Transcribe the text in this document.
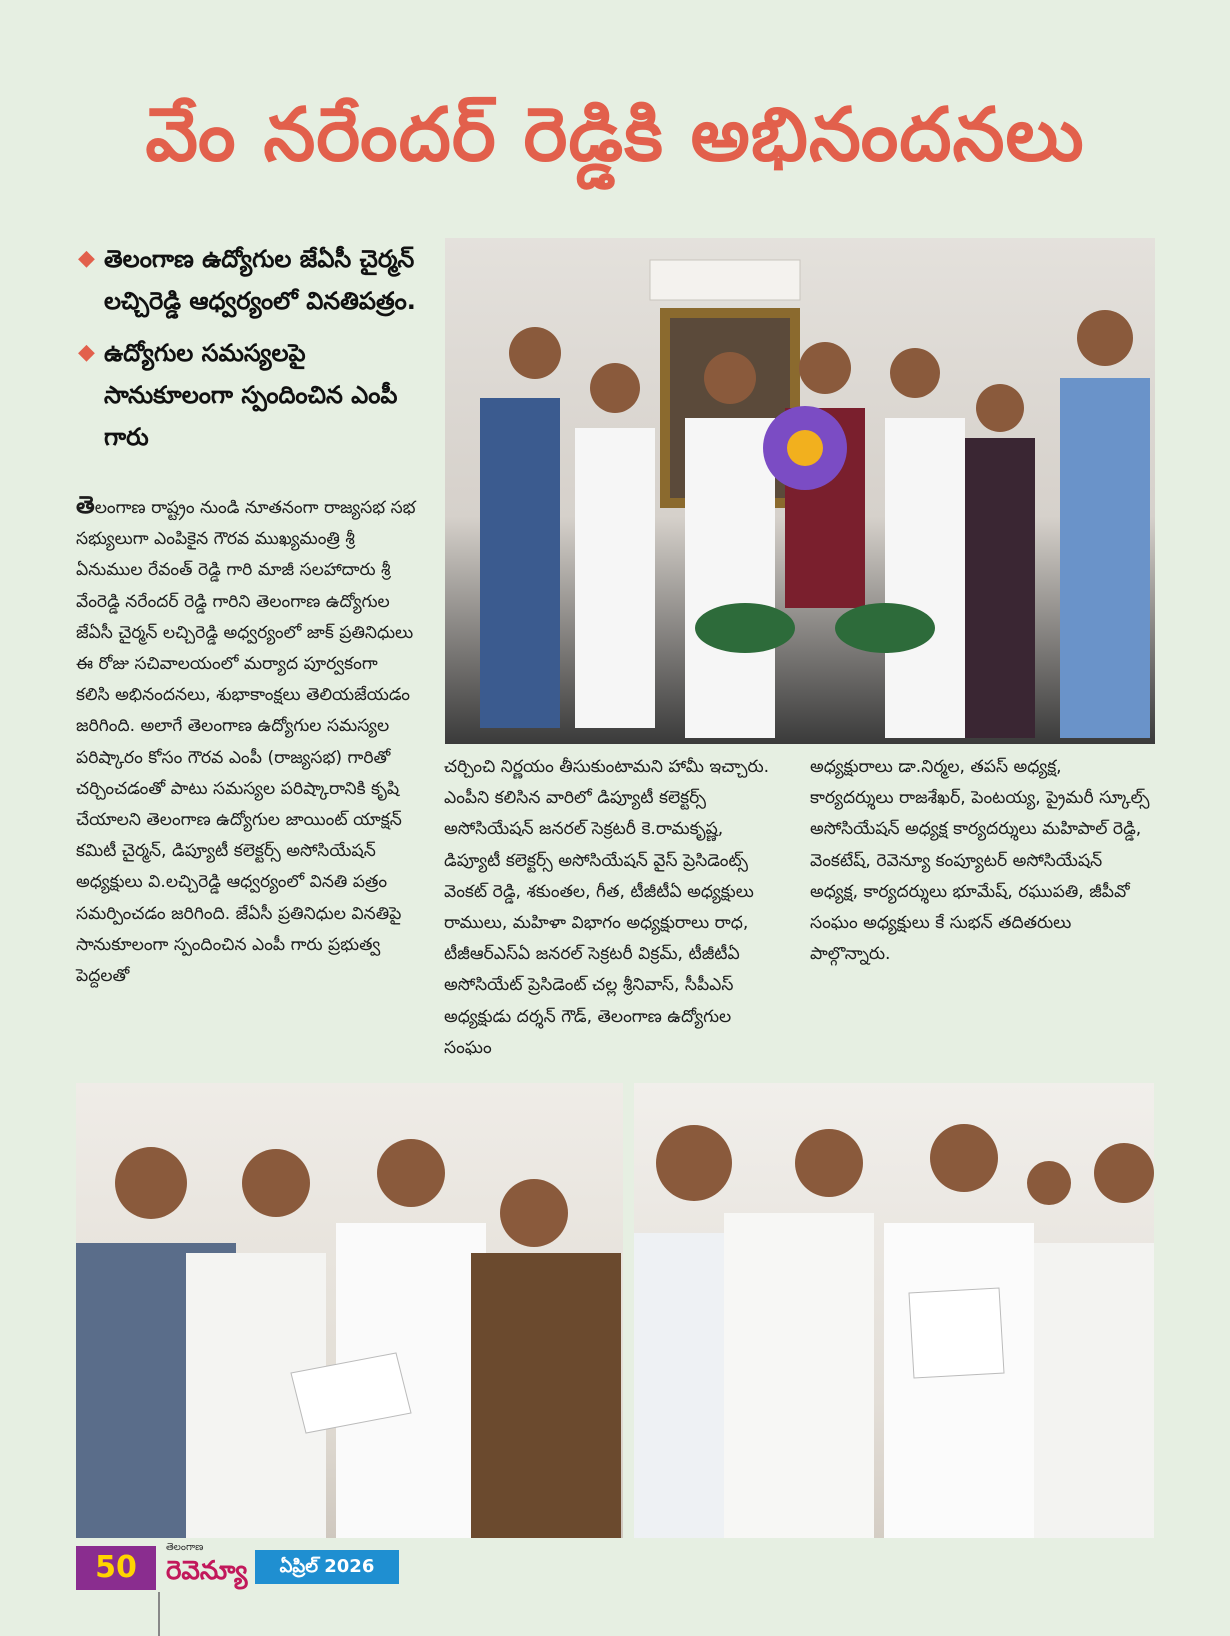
వేం నరేందర్ రెడ్డికి అభినందనలు
◆ తెలంగాణ ఉద్యోగుల జేఏసీ చైర్మన్ లచ్చిరెడ్డి ఆధ్వర్యంలో వినతిపత్రం.
◆ ఉద్యోగుల సమస్యలపై సానుకూలంగా స్పందించిన ఎంపీ గారు
తెలంగాణ రాష్ట్రం నుండి నూతనంగా రాజ్యసభ సభ సభ్యులుగా ఎంపికైన గౌరవ ముఖ్యమంత్రి శ్రీ ఏనుముల రేవంత్ రెడ్డి గారి మాజీ సలహాదారు శ్రీ వేంరెడ్డి నరేందర్ రెడ్డి గారిని తెలంగాణ ఉద్యోగుల జేఏసీ చైర్మన్ లచ్చిరెడ్డి అధ్వర్యంలో జాక్ ప్రతినిధులు ఈ రోజు సచివాలయంలో మర్యాద పూర్వకంగా కలిసి అభినందనలు, శుభాకాంక్షలు తెలియజేయడం జరిగింది. అలాగే తెలంగాణ ఉద్యోగుల సమస్యల పరిష్కారం కోసం గౌరవ ఎంపీ (రాజ్యసభ) గారితో చర్చించడంతో పాటు సమస్యల పరిష్కారానికి కృషి చేయాలని తెలంగాణ ఉద్యోగుల జాయింట్ యాక్షన్ కమిటీ చైర్మన్, డిప్యూటీ కలెక్టర్స్ అసోసియేషన్ అధ్యక్షులు వి.లచ్చిరెడ్డి ఆధ్వర్యంలో వినతి పత్రం సమర్పించడం జరిగింది. జేఏసీ ప్రతినిధుల వినతిపై సానుకూలంగా స్పందించిన ఎంపీ గారు ప్రభుత్వ పెద్దలతో
చర్చించి నిర్ణయం తీసుకుంటామని హామీ ఇచ్చారు. ఎంపీని కలిసిన వారిలో డిప్యూటీ కలెక్టర్స్ అసోసియేషన్ జనరల్ సెక్రటరీ కె.రామకృష్ణ, డిప్యూటీ కలెక్టర్స్ అసోసియేషన్ వైస్ ప్రెసిడెంట్స్ వెంకట్ రెడ్డి, శకుంతల, గీత, టీజీటీఏ అధ్యక్షులు రాములు, మహిళా విభాగం అధ్యక్షురాలు రాధ, టీజీఆర్ఎస్ఏ జనరల్ సెక్రటరీ విక్రమ్, టీజీటీఏ అసోసియేట్ ప్రెసిడెంట్ చల్ల శ్రీనివాస్, సీపీఎస్ అధ్యక్షుడు దర్శన్ గౌడ్, తెలంగాణ ఉద్యోగుల సంఘం
అధ్యక్షురాలు డా.నిర్మల, తపస్ అధ్యక్ష, కార్యదర్శులు రాజశేఖర్, పెంటయ్య, ప్రైమరీ స్కూల్స్ అసోసియేషన్ అధ్యక్ష కార్యదర్శులు మహిపాల్ రెడ్డి, వెంకటేష్, రెవెన్యూ కంప్యూటర్ అసోసియేషన్ అధ్యక్ష, కార్యదర్శులు భూమేష్, రఘుపతి, జీపీవో సంఘం అధ్యక్షులు కే సుభన్ తదితరులు పాల్గొన్నారు.
50
తెలంగాణ
రెవెన్యూ	ఏప్రిల్ 2026
